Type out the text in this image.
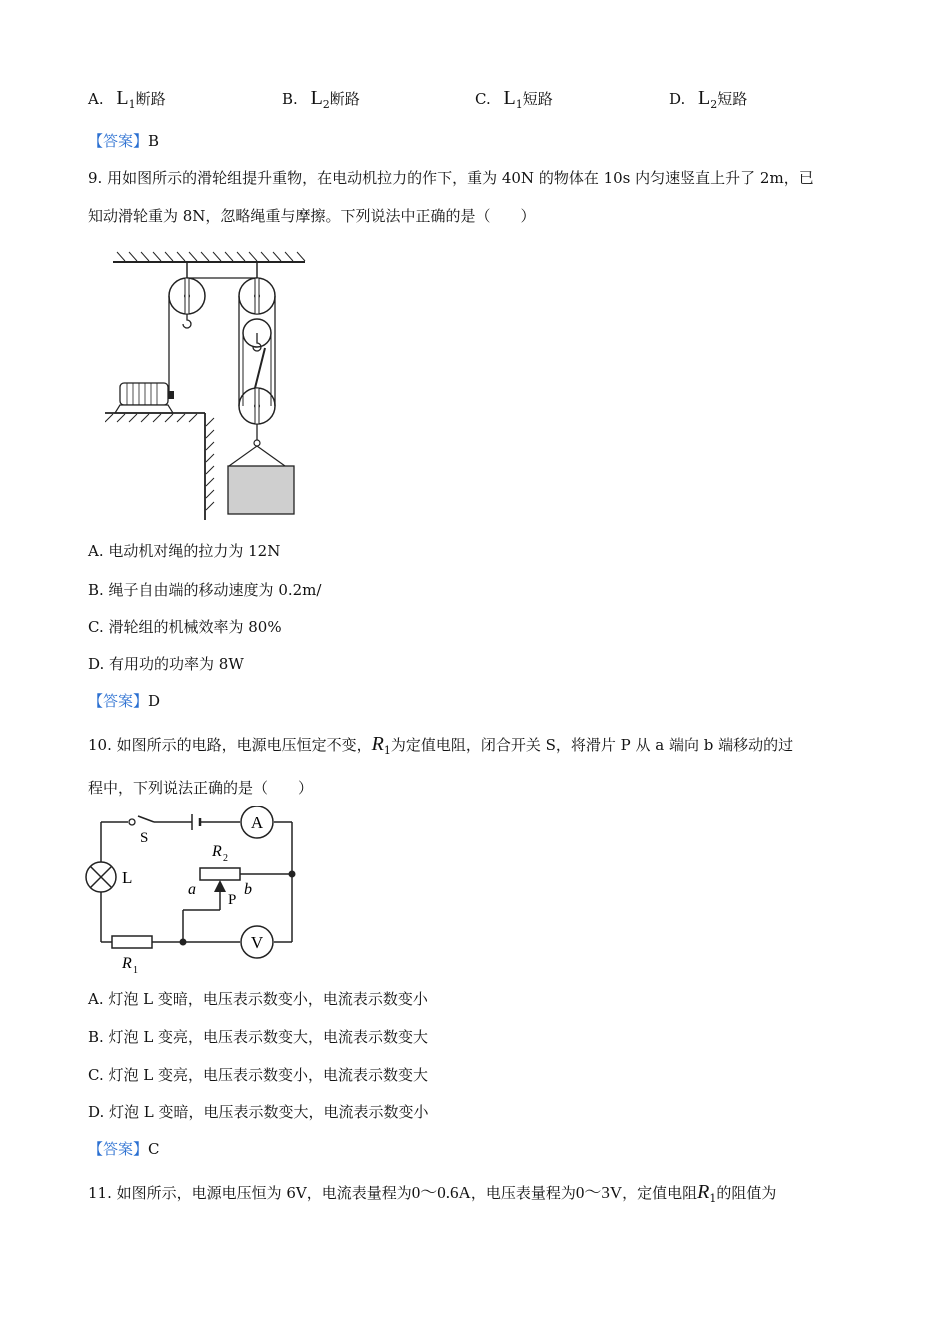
A. $L_1$断路	B. $L_2$断路	C. $L_1$短路	D. $L_2$短路
【答案】B
9. 用如图所示的滑轮组提升重物，在电动机拉力的作下，重为 40N 的物体在 10s 内匀速竖直上升了 2m，已
知动滑轮重为 8N，忽略绳重与摩擦。下列说法中正确的是（　　）
A. 电动机对绳的拉力为 12N
B. 绳子自由端的移动速度为 0.2m/
C. 滑轮组的机械效率为 80%
D. 有用功的功率为 8W
【答案】D
10. 如图所示的电路，电源电压恒定不变，$R_1$为定值电阻，闭合开关 S，将滑片 P 从 a 端向 b 端移动的过
程中，下列说法正确的是（　　）
A
V
L
S
R 2
a	b
P
R 1
A. 灯泡 L 变暗，电压表示数变小，电流表示数变小
B. 灯泡 L 变亮，电压表示数变大，电流表示数变大
C. 灯泡 L 变亮，电压表示数变小，电流表示数变大
D. 灯泡 L 变暗，电压表示数变大，电流表示数变小
【答案】C
11. 如图所示，电源电压恒为 6V，电流表量程为0～0.6A，电压表量程为0～3V，定值电阻$R_1$的阻值为
